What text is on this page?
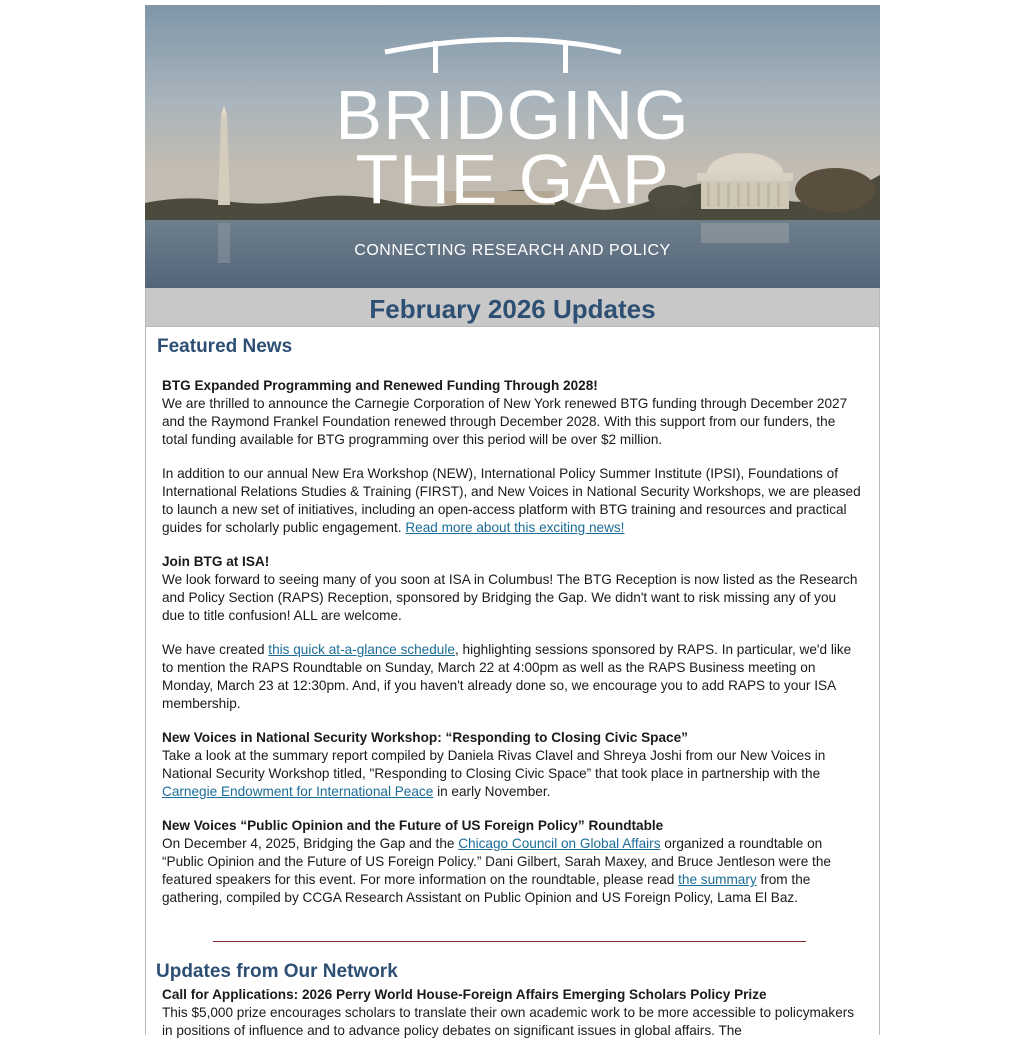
BRIDGING
THE GAP
CONNECTING RESEARCH AND POLICY
February 2026 Updates
Featured News

BTG Expanded Programming and Renewed Funding Through 2028!

We are thrilled to announce the Carnegie Corporation of New York renewed BTG funding through December 2027 and the Raymond Frankel Foundation renewed through December 2028. With this support from our funders, the total funding available for BTG programming over this period will be over $2 million.

In addition to our annual New Era Workshop (NEW), International Policy Summer Institute (IPSI), Foundations of International Relations Studies & Training (FIRST), and New Voices in National Security Workshops, we are pleased to launch a new set of initiatives, including an open-access platform with BTG training and resources and practical guides for scholarly public engagement. Read more about this exciting news!

Join BTG at ISA!

We look forward to seeing many of you soon at ISA in Columbus! The BTG Reception is now listed as the Research and Policy Section (RAPS) Reception, sponsored by Bridging the Gap. We didn't want to risk missing any of you due to title confusion! ALL are welcome.

We have created this quick at-a-glance schedule, highlighting sessions sponsored by RAPS. In particular, we'd like to mention the RAPS Roundtable on Sunday, March 22 at 4:00pm as well as the RAPS Business meeting on Monday, March 23 at 12:30pm. And, if you haven't already done so, we encourage you to add RAPS to your ISA membership.

New Voices in National Security Workshop: “Responding to Closing Civic Space”

Take a look at the summary report compiled by Daniela Rivas Clavel and Shreya Joshi from our New Voices in National Security Workshop titled, "Responding to Closing Civic Space” that took place in partnership with the Carnegie Endowment for International Peace in early November.

New Voices “Public Opinion and the Future of US Foreign Policy” Roundtable

On December 4, 2025, Bridging the Gap and the Chicago Council on Global Affairs organized a roundtable on “Public Opinion and the Future of US Foreign Policy.” Dani Gilbert, Sarah Maxey, and Bruce Jentleson were the featured speakers for this event. For more information on the roundtable, please read the summary from the gathering, compiled by CCGA Research Assistant on Public Opinion and US Foreign Policy, Lama El Baz.

Updates from Our Network

Call for Applications: 2026 Perry World House-Foreign Affairs Emerging Scholars Policy Prize

This $5,000 prize encourages scholars to translate their own academic work to be more accessible to policymakers in positions of influence and to advance policy debates on significant issues in global affairs. The
